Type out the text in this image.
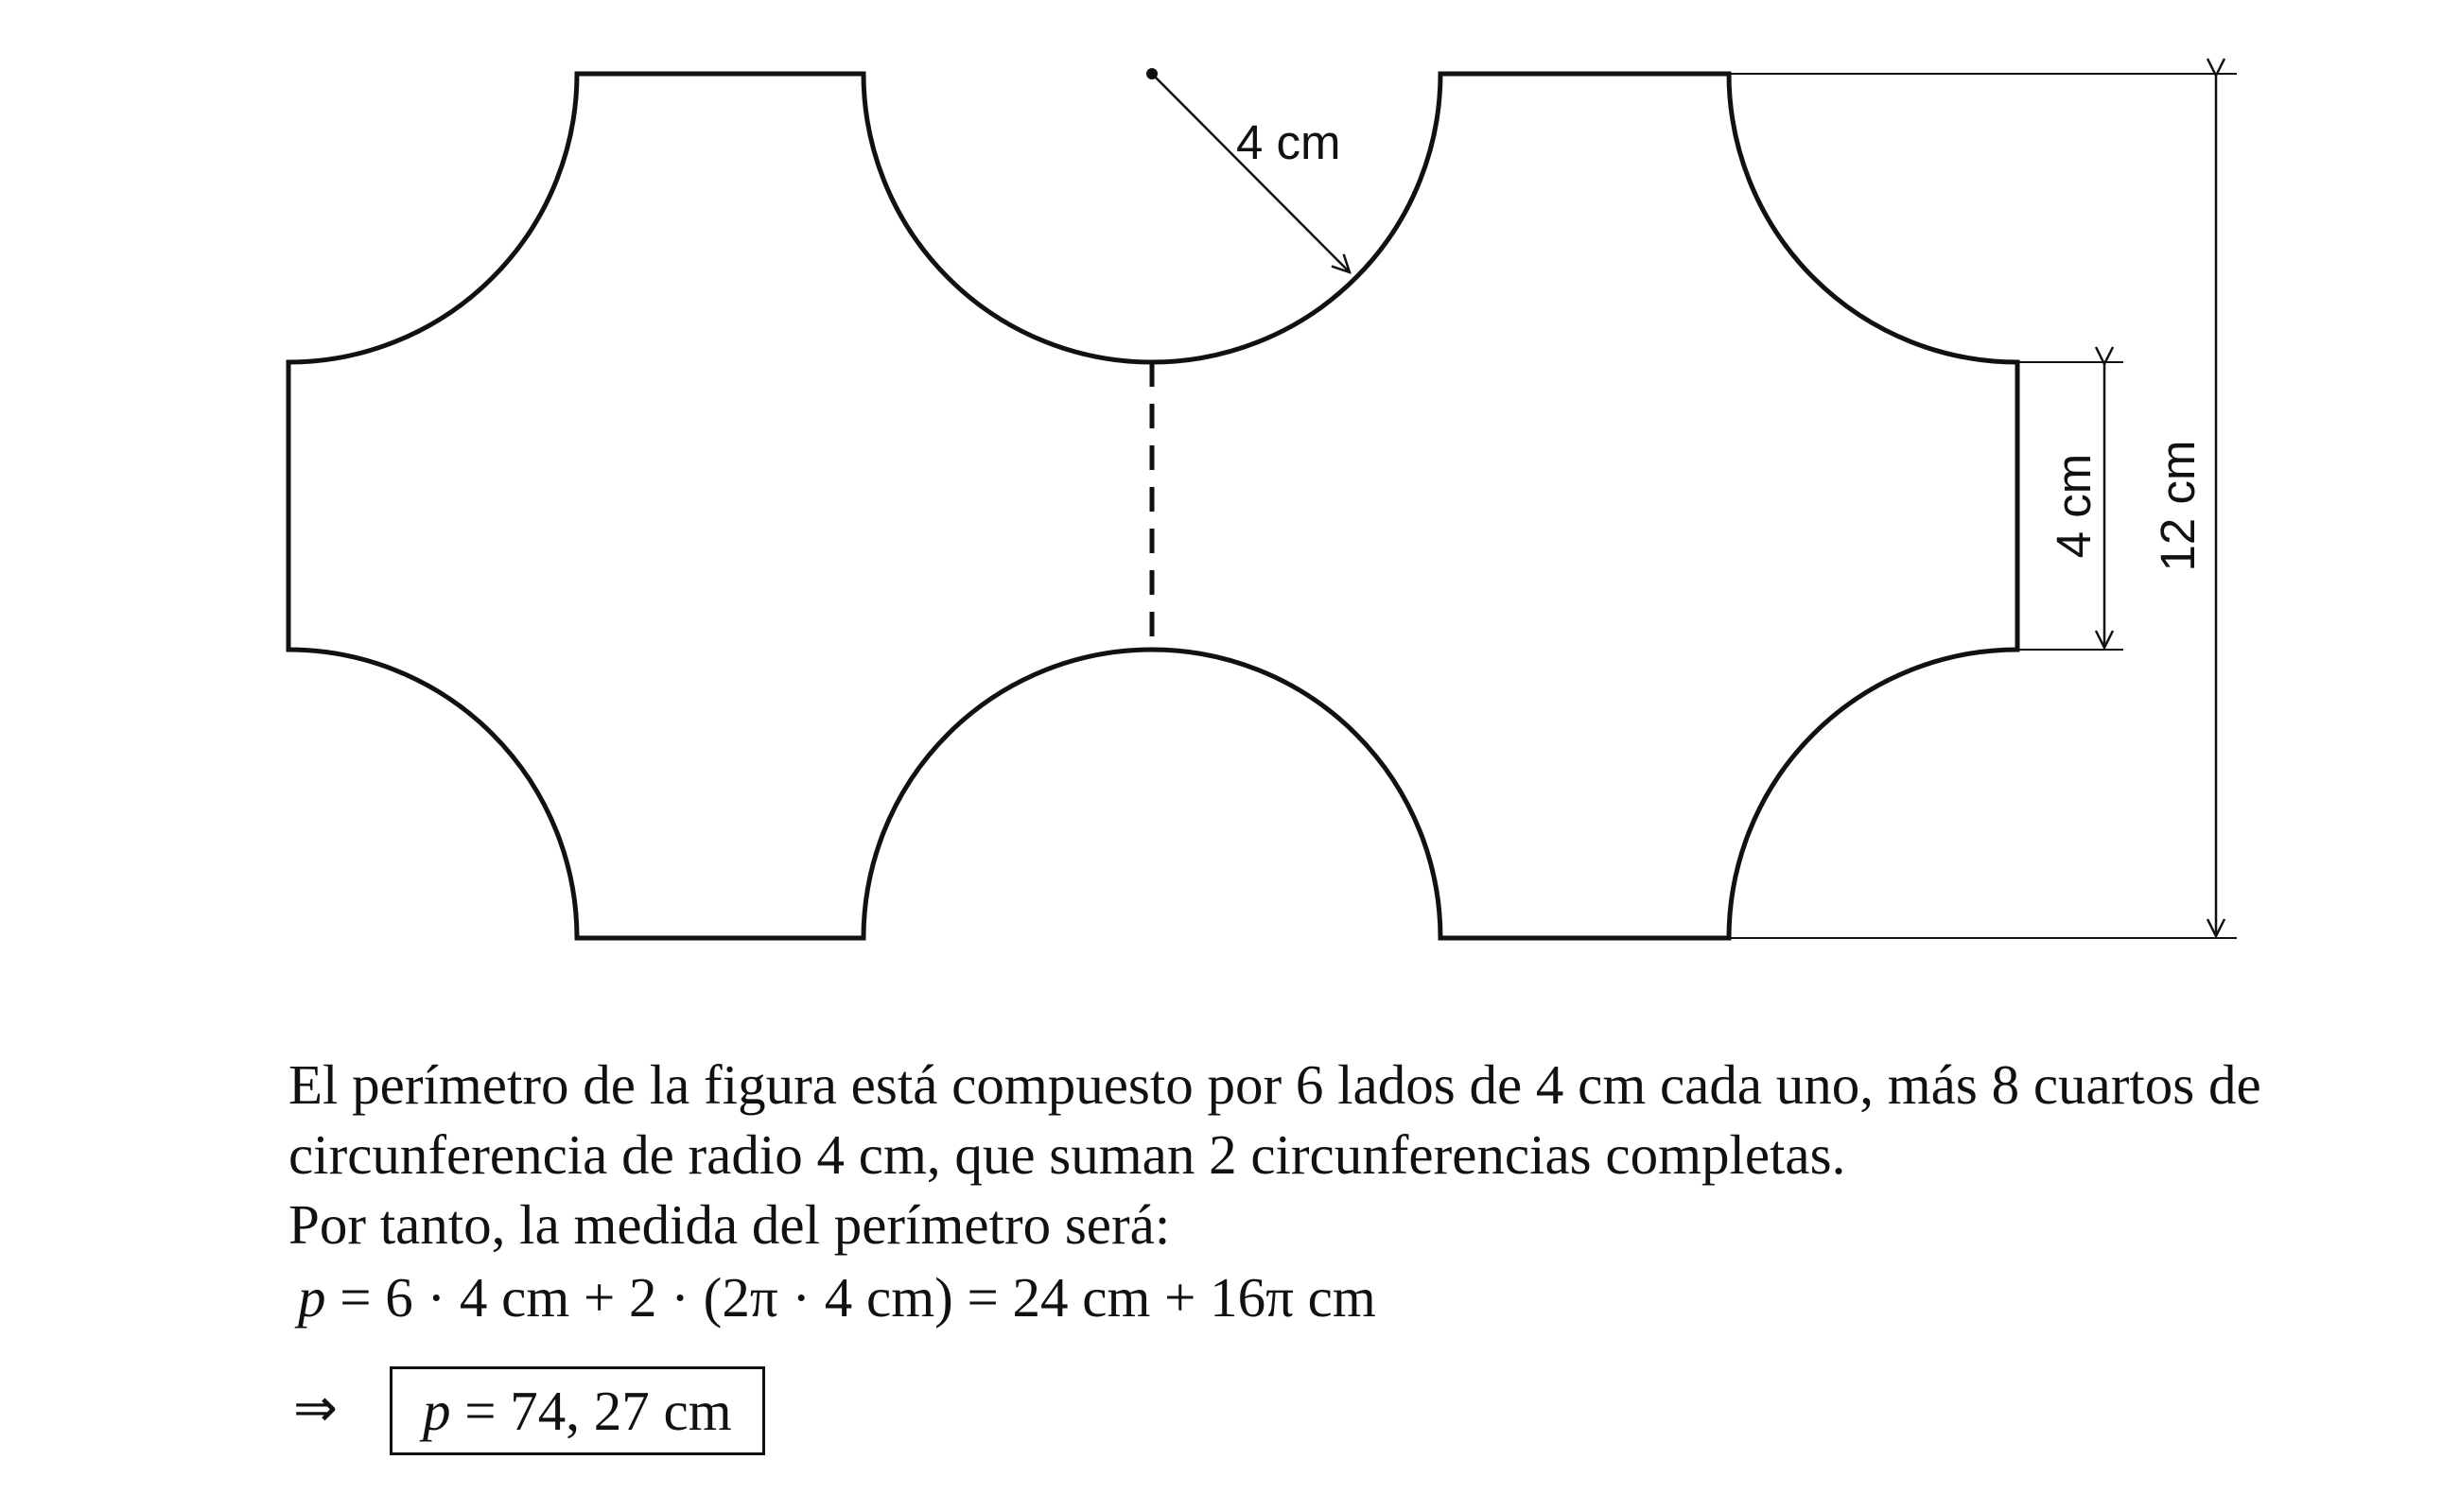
4 cm
12 cm
4 cm

El perímetro de la figura está compuesto por 6 lados de 4 cm cada uno, más 8 cuartos de

circunferencia de radio 4 cm, que suman 2 circunferencias completas.

Por tanto, la medida del perímetro será:

p = 6 · 4 cm + 2 · (2π · 4 cm) = 24 cm + 16π cm
⇒	p = 74, 27 cm
